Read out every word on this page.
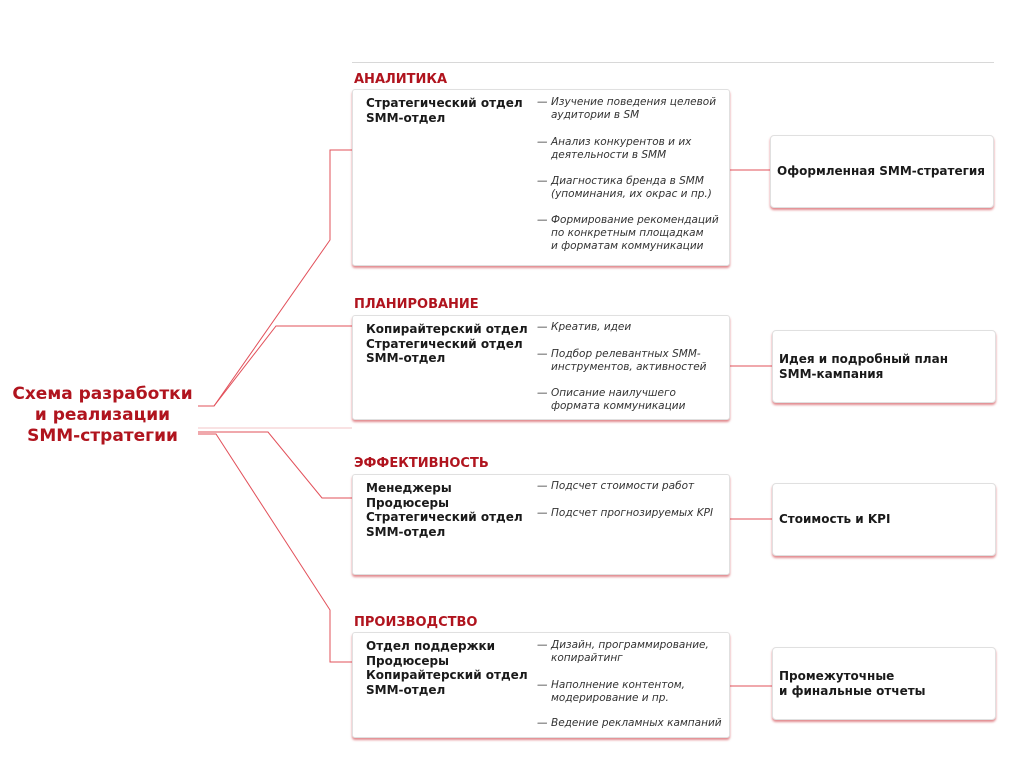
Схема разработки
и реализации
SMM-стратегии
АНАЛИТИКА
Стратегический отдел
SMM-отдел
— Изучение поведения целевой
аудитории в SM
— Анализ конкурентов и их
деятельности в SMM
— Диагностика бренда в SMM
(упоминания, их окрас и пр.)
— Формирование рекомендаций
по конкретным площадкам
и форматам коммуникации
Оформленная SMM-стратегия
ПЛАНИРОВАНИЕ
Копирайтерский отдел
Стратегический отдел
SMM-отдел
— Креатив, идеи
— Подбор релевантных SMM-
инструментов, активностей
— Описание наилучшего
формата коммуникации
Идея и подробный план
SMM-кампания
ЭФФЕКТИВНОСТЬ
Менеджеры
Продюсеры
Стратегический отдел
SMM-отдел
— Подсчет стоимости работ
— Подсчет прогнозируемых KPI	Стоимость и KPI
ПРОИЗВОДСТВО
Отдел поддержки
Продюсеры
Копирайтерский отдел
SMM-отдел
— Дизайн, программирование,
копирайтинг
— Наполнение контентом,
модерирование и пр.
— Ведение рекламных кампаний
Промежуточные
и финальные отчеты
